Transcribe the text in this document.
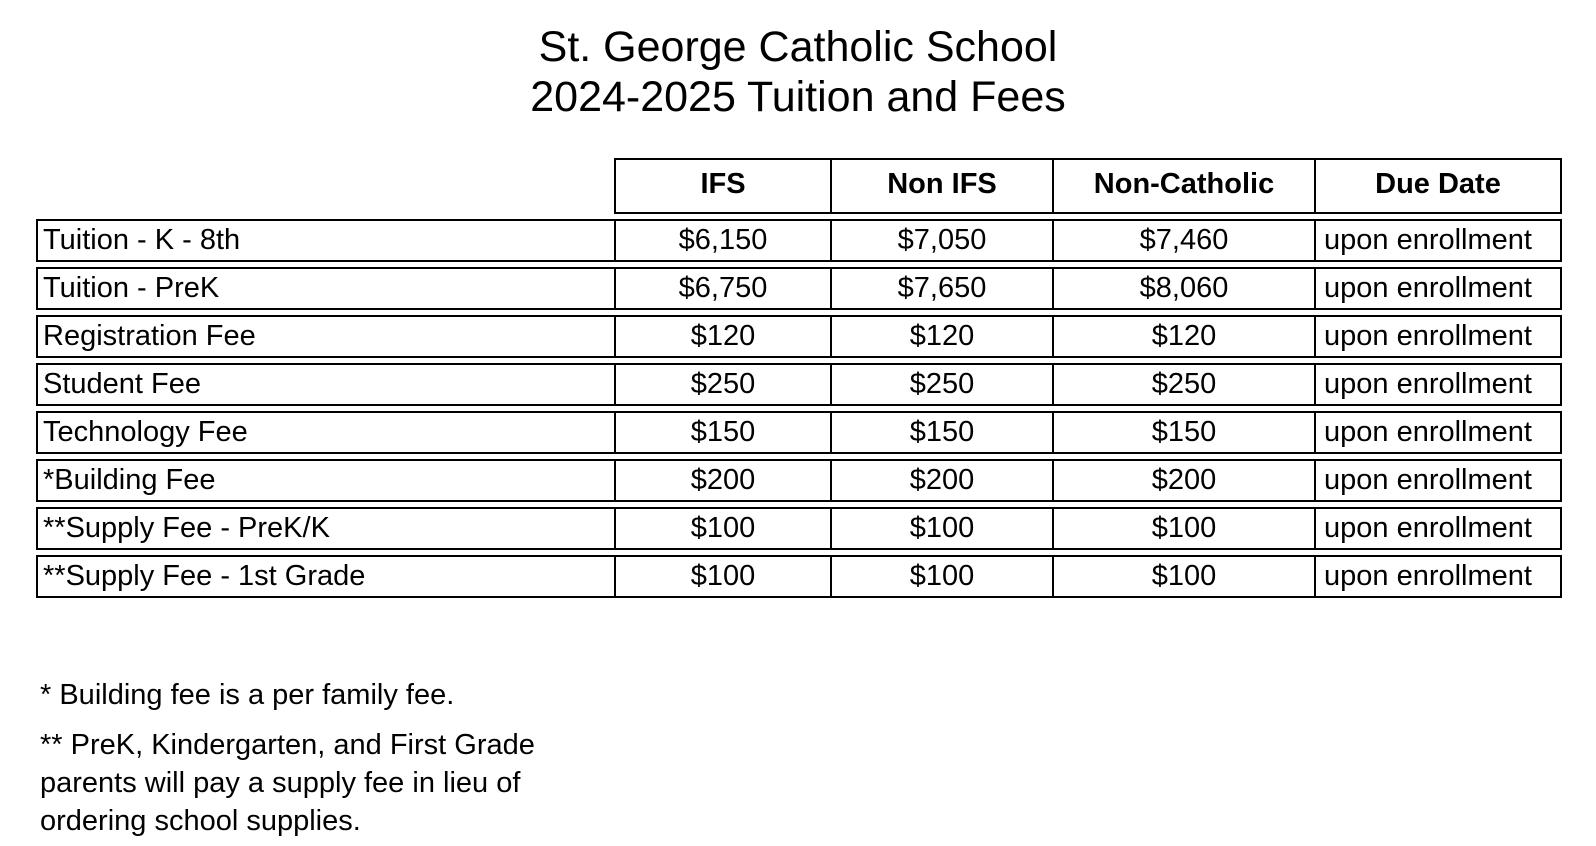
St. George Catholic School
2024-2025 Tuition and Fees
	IFS	Non IFS	Non-Catholic	Due Date
Tuition - K - 8th	$6,150	$7,050	$7,460	upon enrollment
Tuition - PreK	$6,750	$7,650	$8,060	upon enrollment
Registration Fee	$120	$120	$120	upon enrollment
Student Fee	$250	$250	$250	upon enrollment
Technology Fee	$150	$150	$150	upon enrollment
*Building Fee	$200	$200	$200	upon enrollment
**Supply Fee - PreK/K	$100	$100	$100	upon enrollment
**Supply Fee - 1st Grade	$100	$100	$100	upon enrollment
* Building fee is a per family fee.
** PreK, Kindergarten, and First Grade
parents will pay a supply fee in lieu of
ordering school supplies.
